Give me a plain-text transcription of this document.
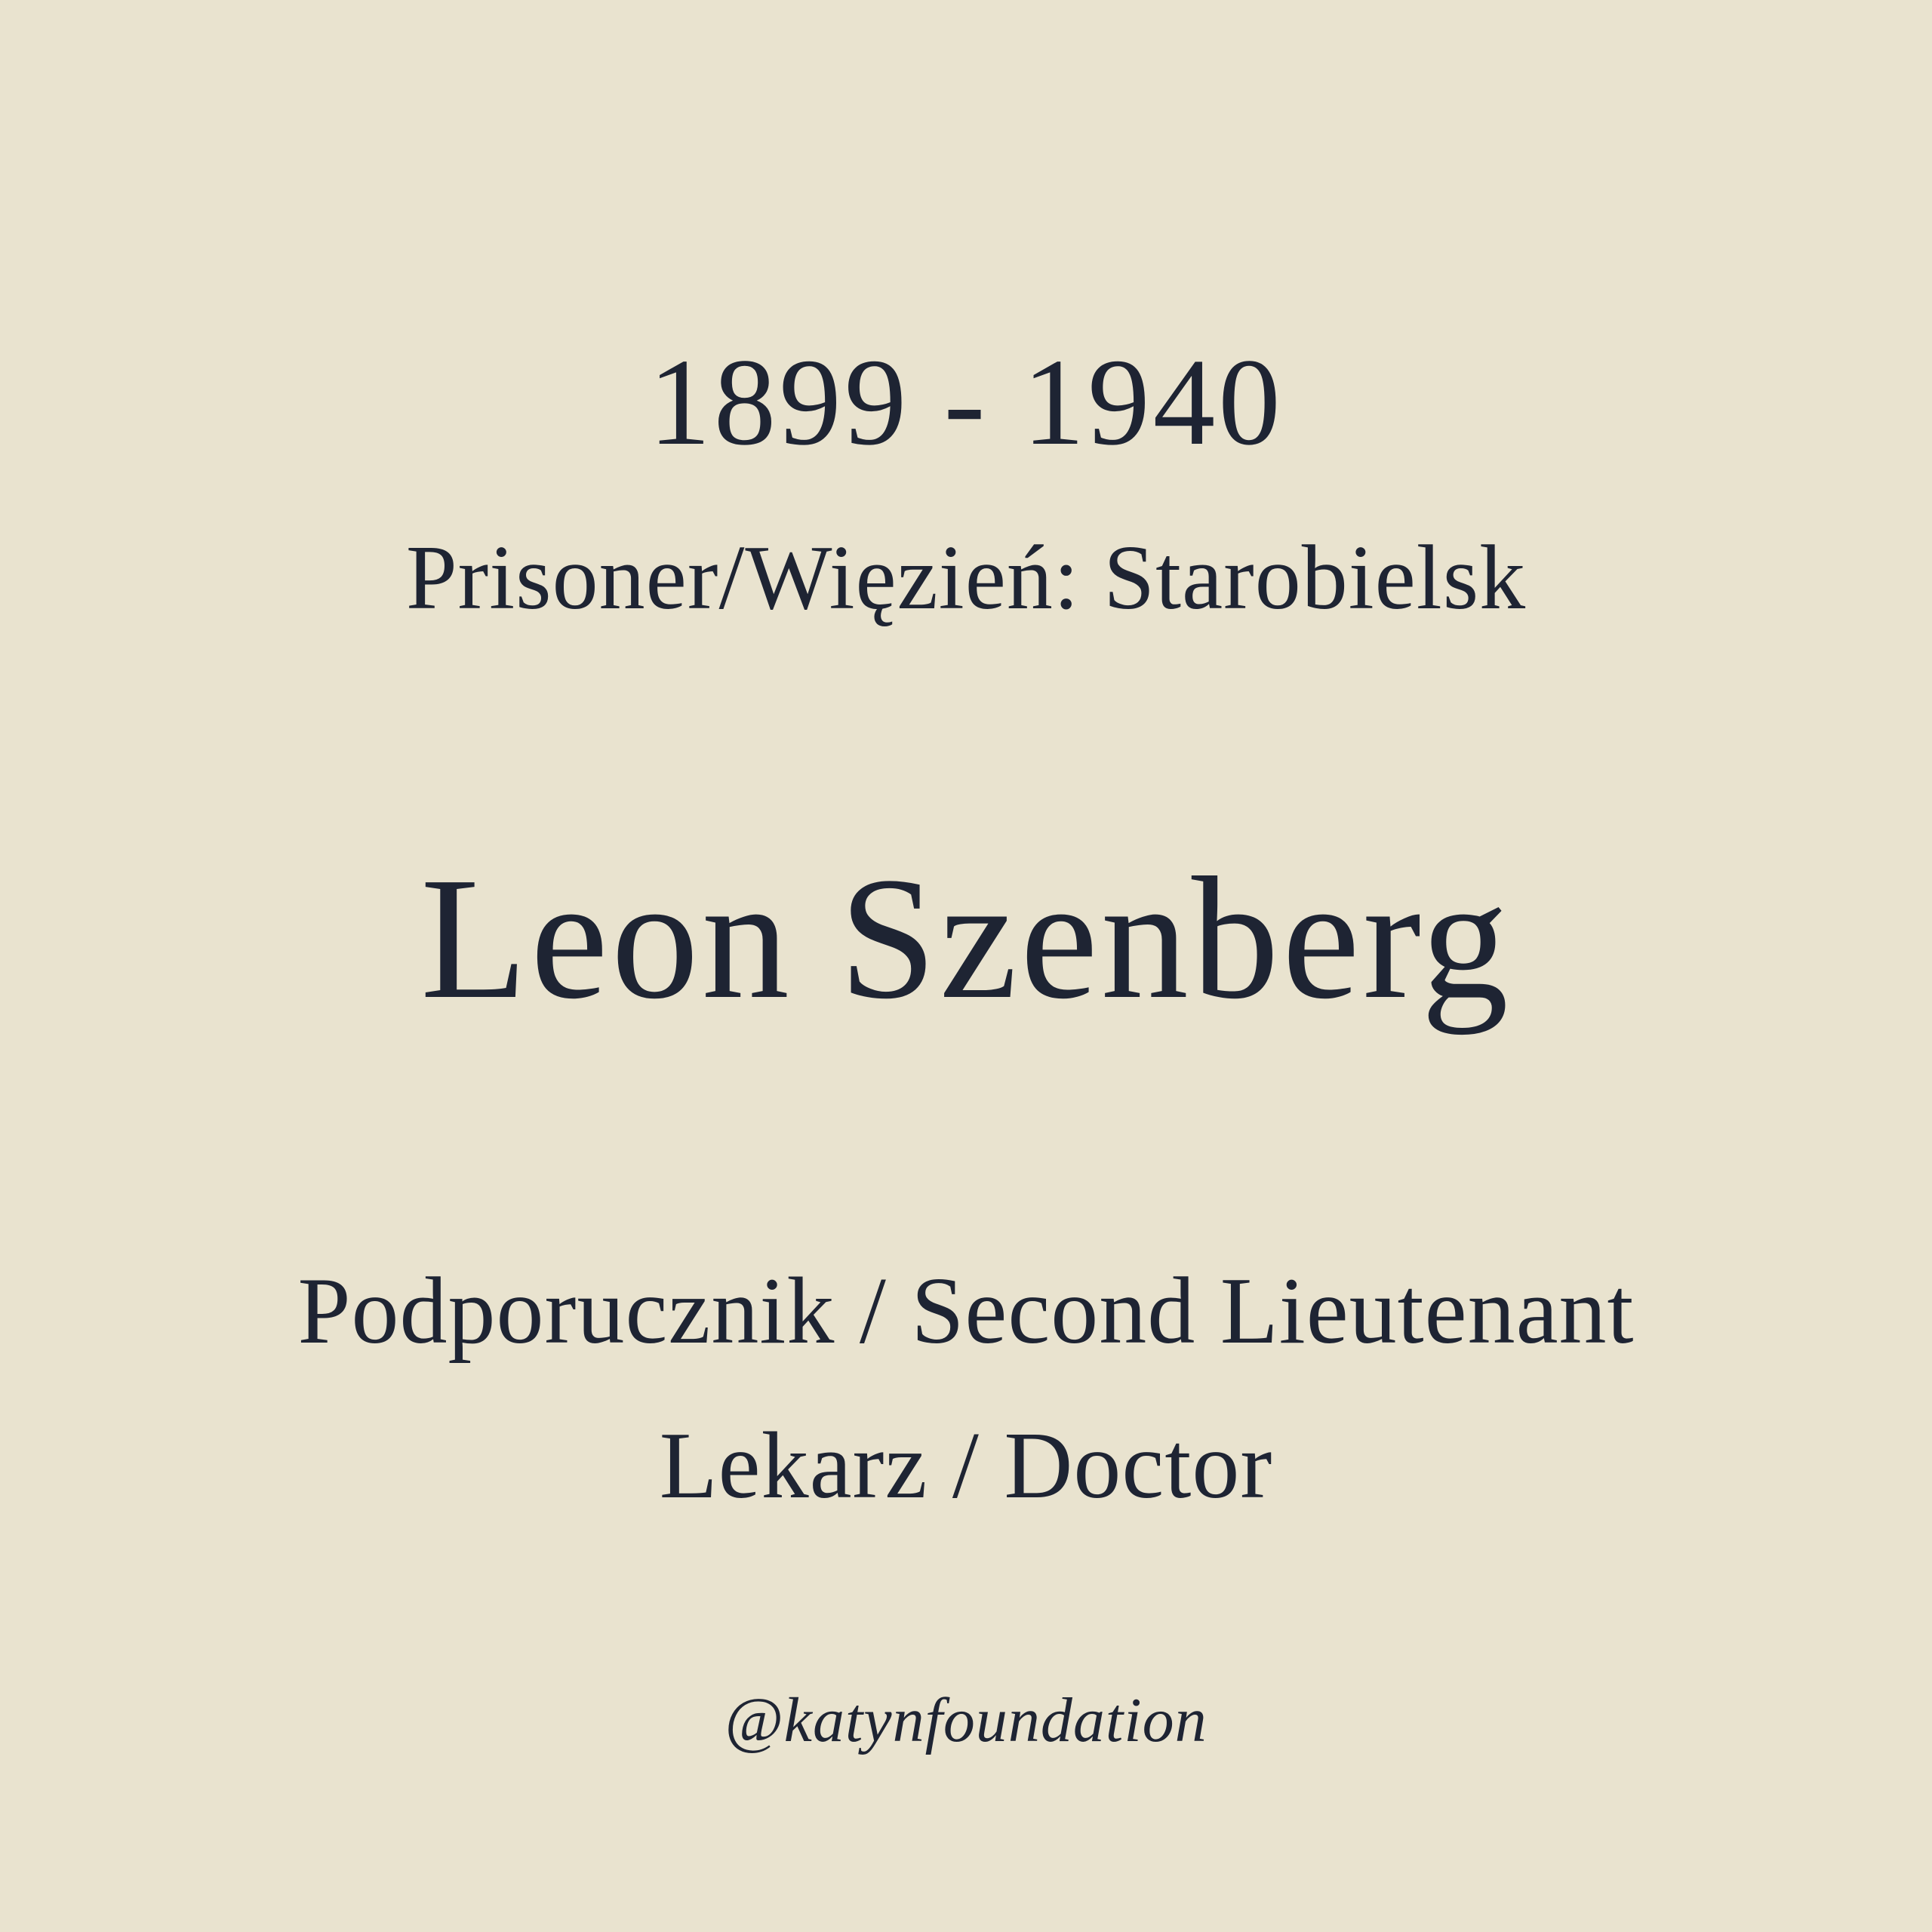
1899 - 1940
Prisoner/Więzień: Starobielsk
Leon Szenberg
Podporucznik / Second Lieutenant
Lekarz / Doctor
@katynfoundation
